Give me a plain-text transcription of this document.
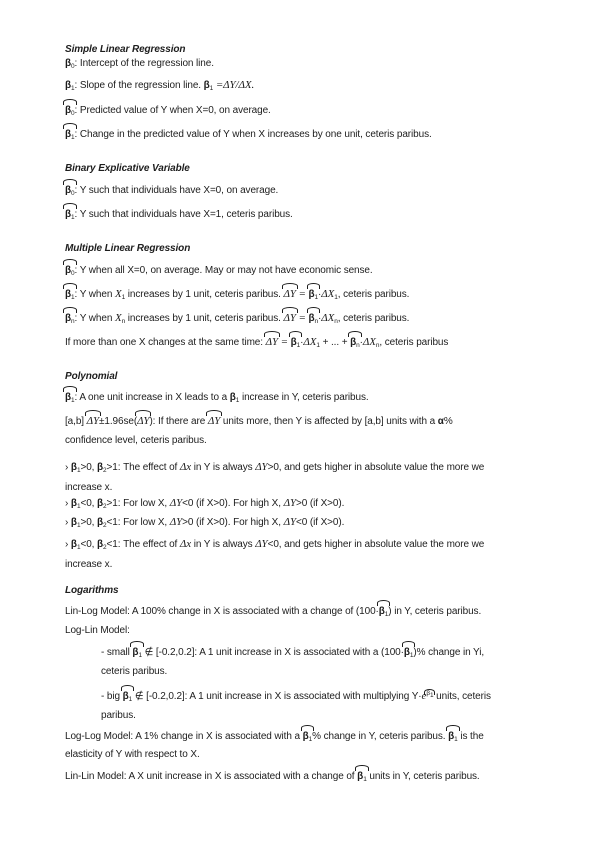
Simple Linear Regression
$\beta_0$: Intercept of the regression line.
$\beta_1$: Slope of the regression line. $\beta_1 =\Delta Y/\Delta X$.
$\beta_0$: Predicted value of Y when X=0, on average.
$\beta_1$: Change in the predicted value of Y when X increases by one unit, ceteris paribus.
Binary Explicative Variable
$\beta_0$: Y such that individuals have X=0, on average.
$\beta_1$: Y such that individuals have X=1, ceteris paribus.
Multiple Linear Regression
$\beta_0$: Y when all X=0, on average. May or may not have economic sense.
$\beta_1$: Y when $X_1$ increases by 1 unit, ceteris paribus. $\Delta Y = \beta_1\cdot\Delta X_1$, ceteris paribus.
$\beta_n$: Y when $X_n$ increases by 1 unit, ceteris paribus. $\Delta Y = \beta_n\cdot\Delta X_n$, ceteris paribus.
If more than one X changes at the same time: $\Delta Y = \beta_1\cdot\Delta X_1$ + ... + $\beta_n\cdot\Delta X_n$, ceteris paribus
Polynomial
$\beta_1$: A one unit increase in X leads to a $\beta_1$ increase in Y, ceteris paribus.
[a,b] ΔY±1.96se(ΔY): If there are ΔY units more, then Y is affected by [a,b] units with a α%
confidence level, ceteris paribus.
› $\beta_1>0$, $\beta_2>1$: The effect of Δx in Y is always ΔY>0, and gets higher in absolute value the more we
increase x.
› $\beta_1<0$, $\beta_2>1$: For low X, ΔY<0 (if X>0). For high X, ΔY>0 (if X>0).
› $\beta_1>0$, $\beta_2<1$: For low X, ΔY>0 (if X>0). For high X, ΔY<0 (if X>0).
› $\beta_1<0$, $\beta_2<1$: The effect of Δx in Y is always ΔY<0, and gets higher in absolute value the more we
increase x.
Logarithms
Lin-Log Model: A 100% change in X is associated with a change of $(100\cdot\beta_1)$ in Y, ceteris paribus.
Log-Lin Model:
- small $\beta_1$ ∉ [-0.2,0.2]: A 1 unit increase in X is associated with a $(100\cdot\beta_1)\%$ change in Yi,
ceteris paribus.
- big $\beta_1$ ∉ [-0.2,0.2]: A 1 unit increase in X is associated with multiplying $Y\cdot e^{\beta_1}$ units, ceteris
paribus.
Log-Log Model: A 1% change in X is associated with a $\beta_1\%$ change in Y, ceteris paribus. $\beta_1$ is the
elasticity of Y with respect to X.
Lin-Lin Model: A X unit increase in X is associated with a change of $\beta_1$ units in Y, ceteris paribus.
